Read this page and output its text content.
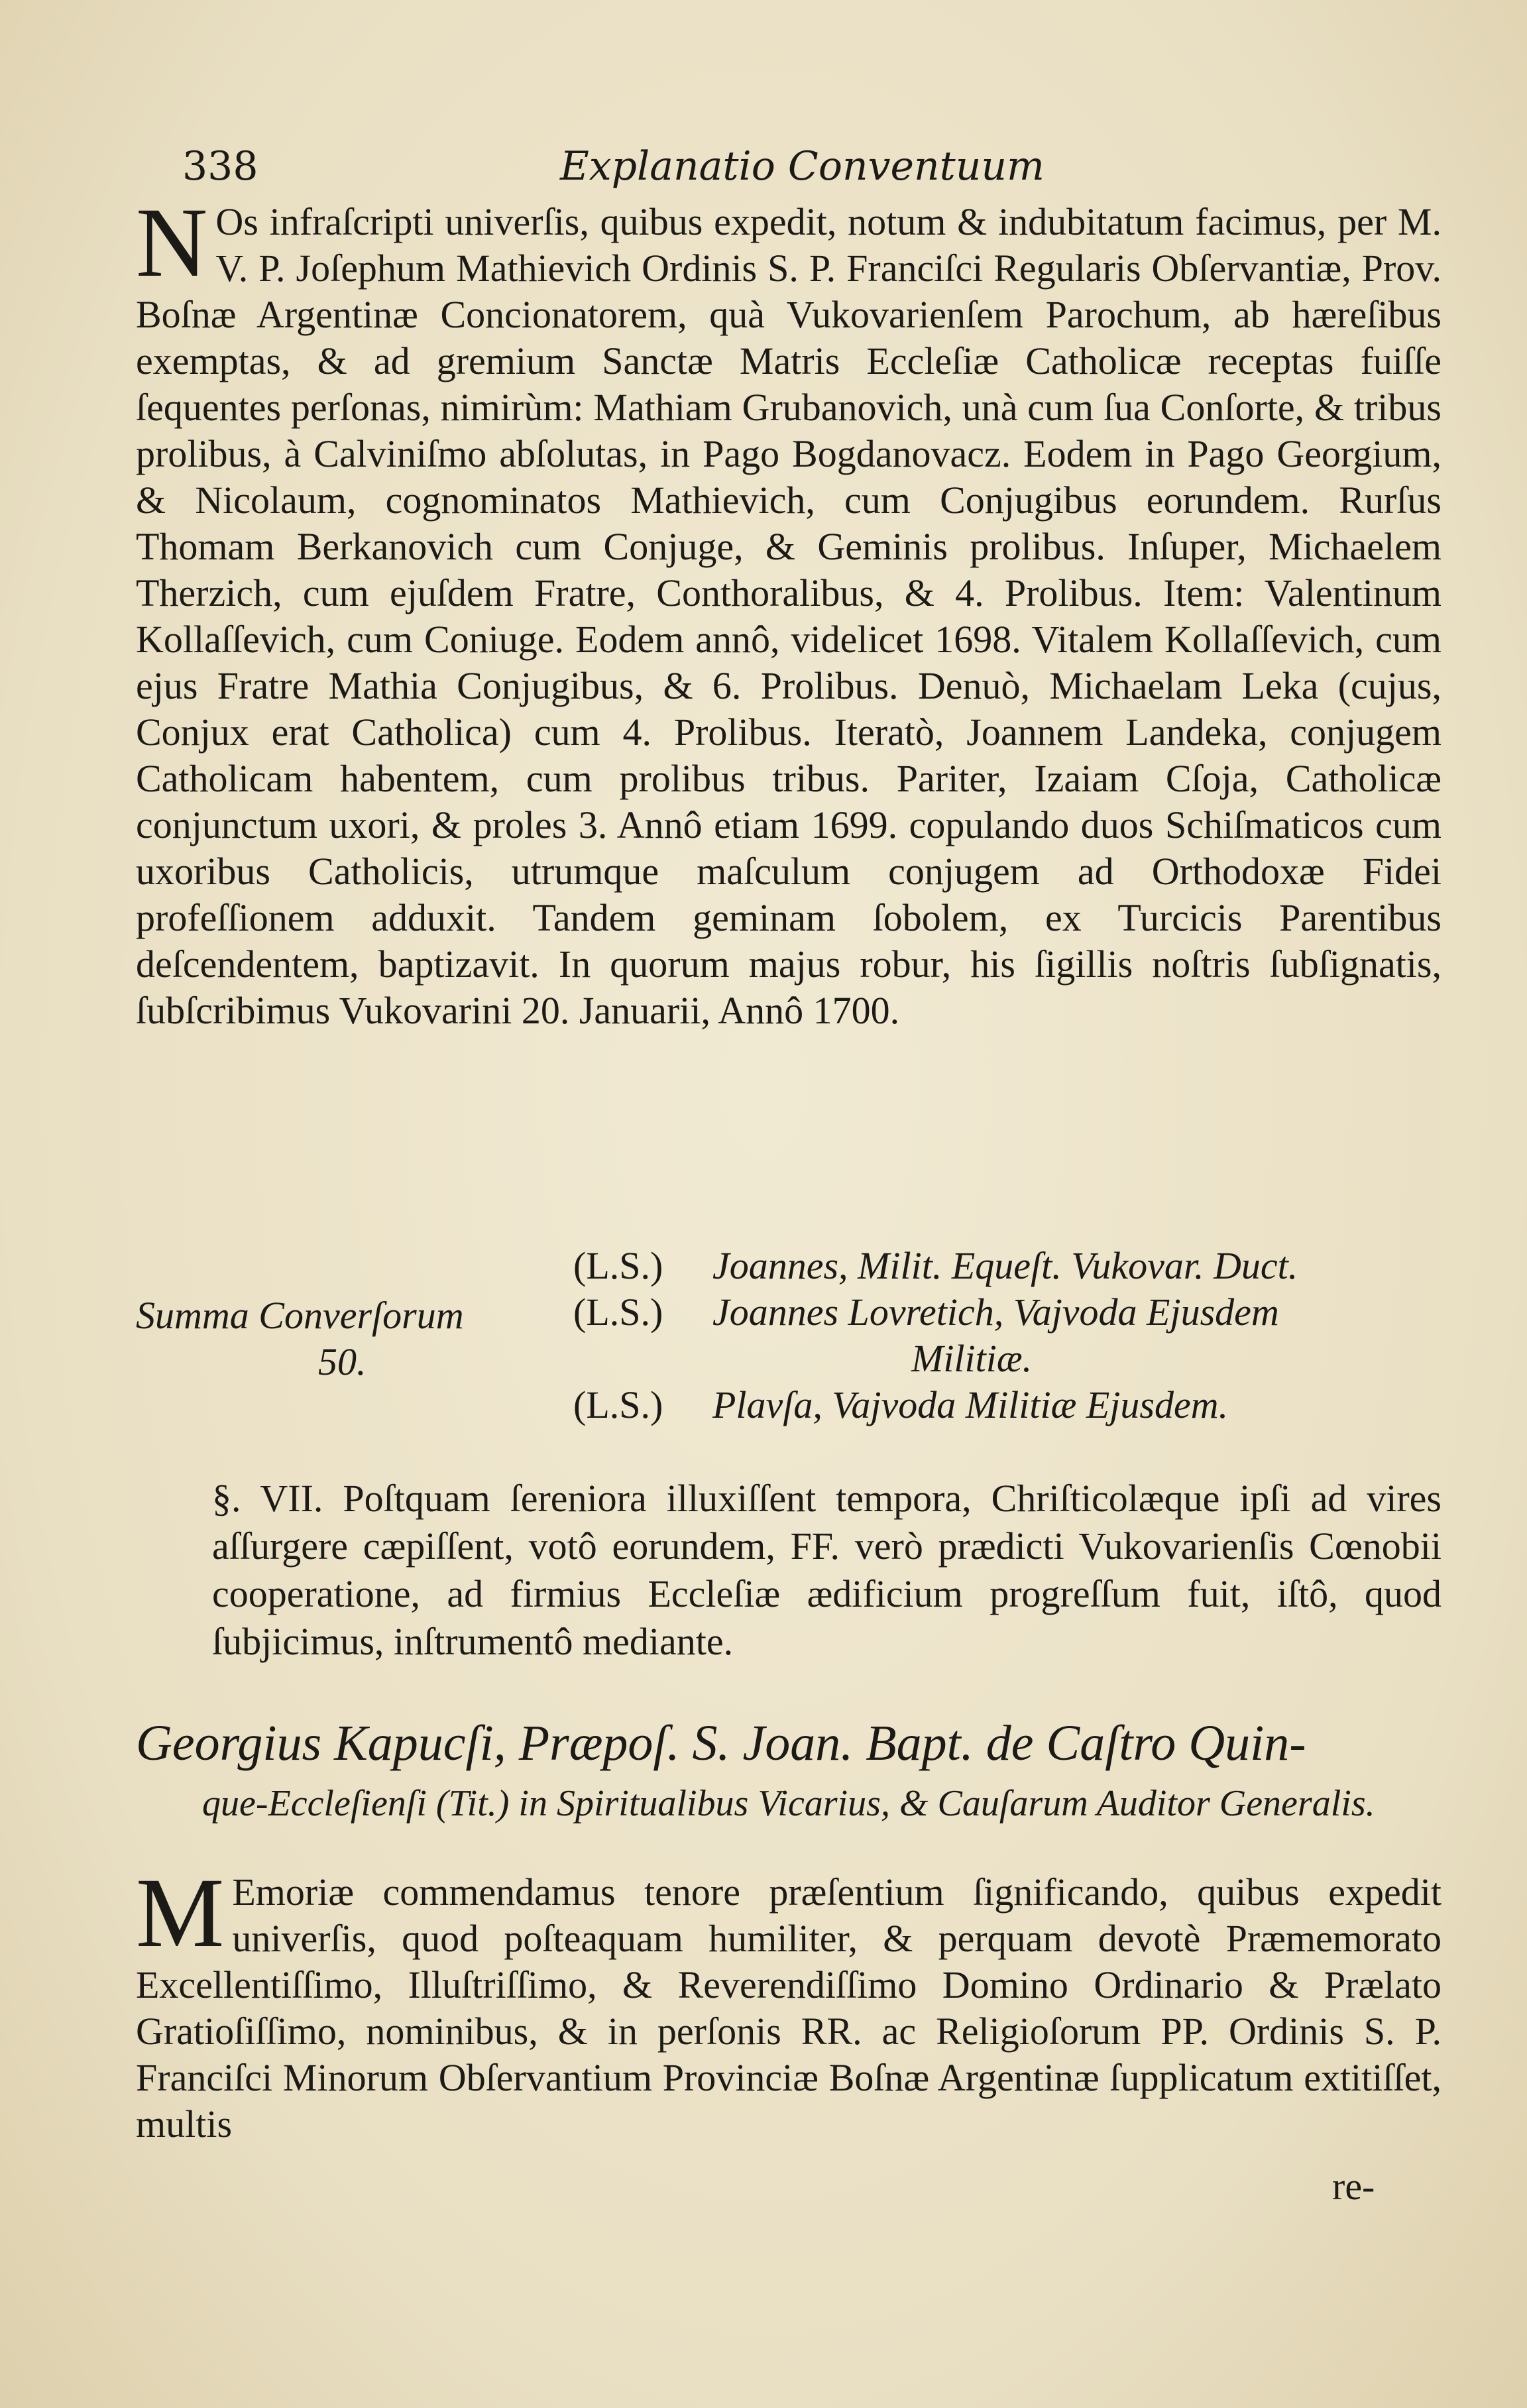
338	Explanatio Conventuum
N Os infraſcripti univerſis, quibus expedit, notum & indubitatum facimus, per M. V. P. Joſephum Mathievich Ordinis S. P. Franciſci Regularis Obſervantiæ, Prov. Boſnæ Argentinæ Concionatorem, quà Vukovarienſem Parochum, ab hæreſibus exemptas, & ad gremium Sanctæ Matris Eccleſiæ Catholicæ receptas fuiſſe ſequentes perſonas, nimirùm: Mathiam Grubanovich, unà cum ſua Conſorte, & tribus prolibus, à Calviniſmo abſolutas, in Pago Bogdanovacz. Eodem in Pago Georgium, & Nicolaum, cognominatos Mathievich, cum Conjugibus eorundem. Rurſus Thomam Berkanovich cum Conjuge, & Geminis prolibus. Inſuper, Michaelem Therzich, cum ejuſdem Fratre, Conthoralibus, & 4. Prolibus. Item: Valentinum Kollaſſevich, cum Coniuge. Eodem annô, videlicet 1698. Vitalem Kollaſſevich, cum ejus Fratre Mathia Conjugibus, & 6. Prolibus. Denuò, Michaelam Leka (cujus, Conjux erat Catholica) cum 4. Prolibus. Iteratò, Joannem Landeka, conjugem Catholicam habentem, cum prolibus tribus. Pariter, Izaiam Cſoja, Catholicæ conjunctum uxori, & proles 3. Annô etiam 1699. copulando duos Schiſmaticos cum uxoribus Catholicis, utrumque maſculum conjugem ad Orthodoxæ Fidei profeſſionem adduxit. Tandem geminam ſobolem, ex Turcicis Parentibus deſcendentem, baptizavit. In quorum majus robur, his ſigillis noſtris ſubſignatis, ſubſcribimus Vukovarini 20. Januarii, Annô 1700.

Summa Converſorum
50.
(L.S.) Joannes, Milit. Equeſt. Vukovar. Duct.
(L.S.) Joannes Lovretich, Vajvoda Ejusdem
Militiæ.
(L.S.) Plavſa, Vajvoda Militiæ Ejusdem.

§. VII. Poſtquam ſereniora illuxiſſent tempora, Chriſticolæque ipſi ad vires aſſurgere cæpiſſent, votô eorundem, FF. verò prædicti Vukovarienſis Cœnobii cooperatione, ad firmius Eccleſiæ ædificium progreſſum fuit, iſtô, quod ſubjicimus, inſtrumentô mediante.

Georgius Kapucſi, Præpoſ. S. Joan. Bapt. de Caſtro Quin-
que-Eccleſienſi (Tit.) in Spiritualibus Vicarius, & Cauſarum Auditor Generalis.
M Emoriæ commendamus tenore præſentium ſignificando, quibus expedit univerſis, quod poſteaquam humiliter, & perquam devotè Præmemorato Excellentiſſimo, Illuſtriſſimo, & Reverendiſſimo Domino Ordinario & Prælato Gratioſiſſimo, nominibus, & in perſonis RR. ac Religioſorum PP. Ordinis S. P. Franciſci Minorum Obſervantium Provinciæ Boſnæ Argentinæ ſupplicatum extitiſſet, multis

re-
